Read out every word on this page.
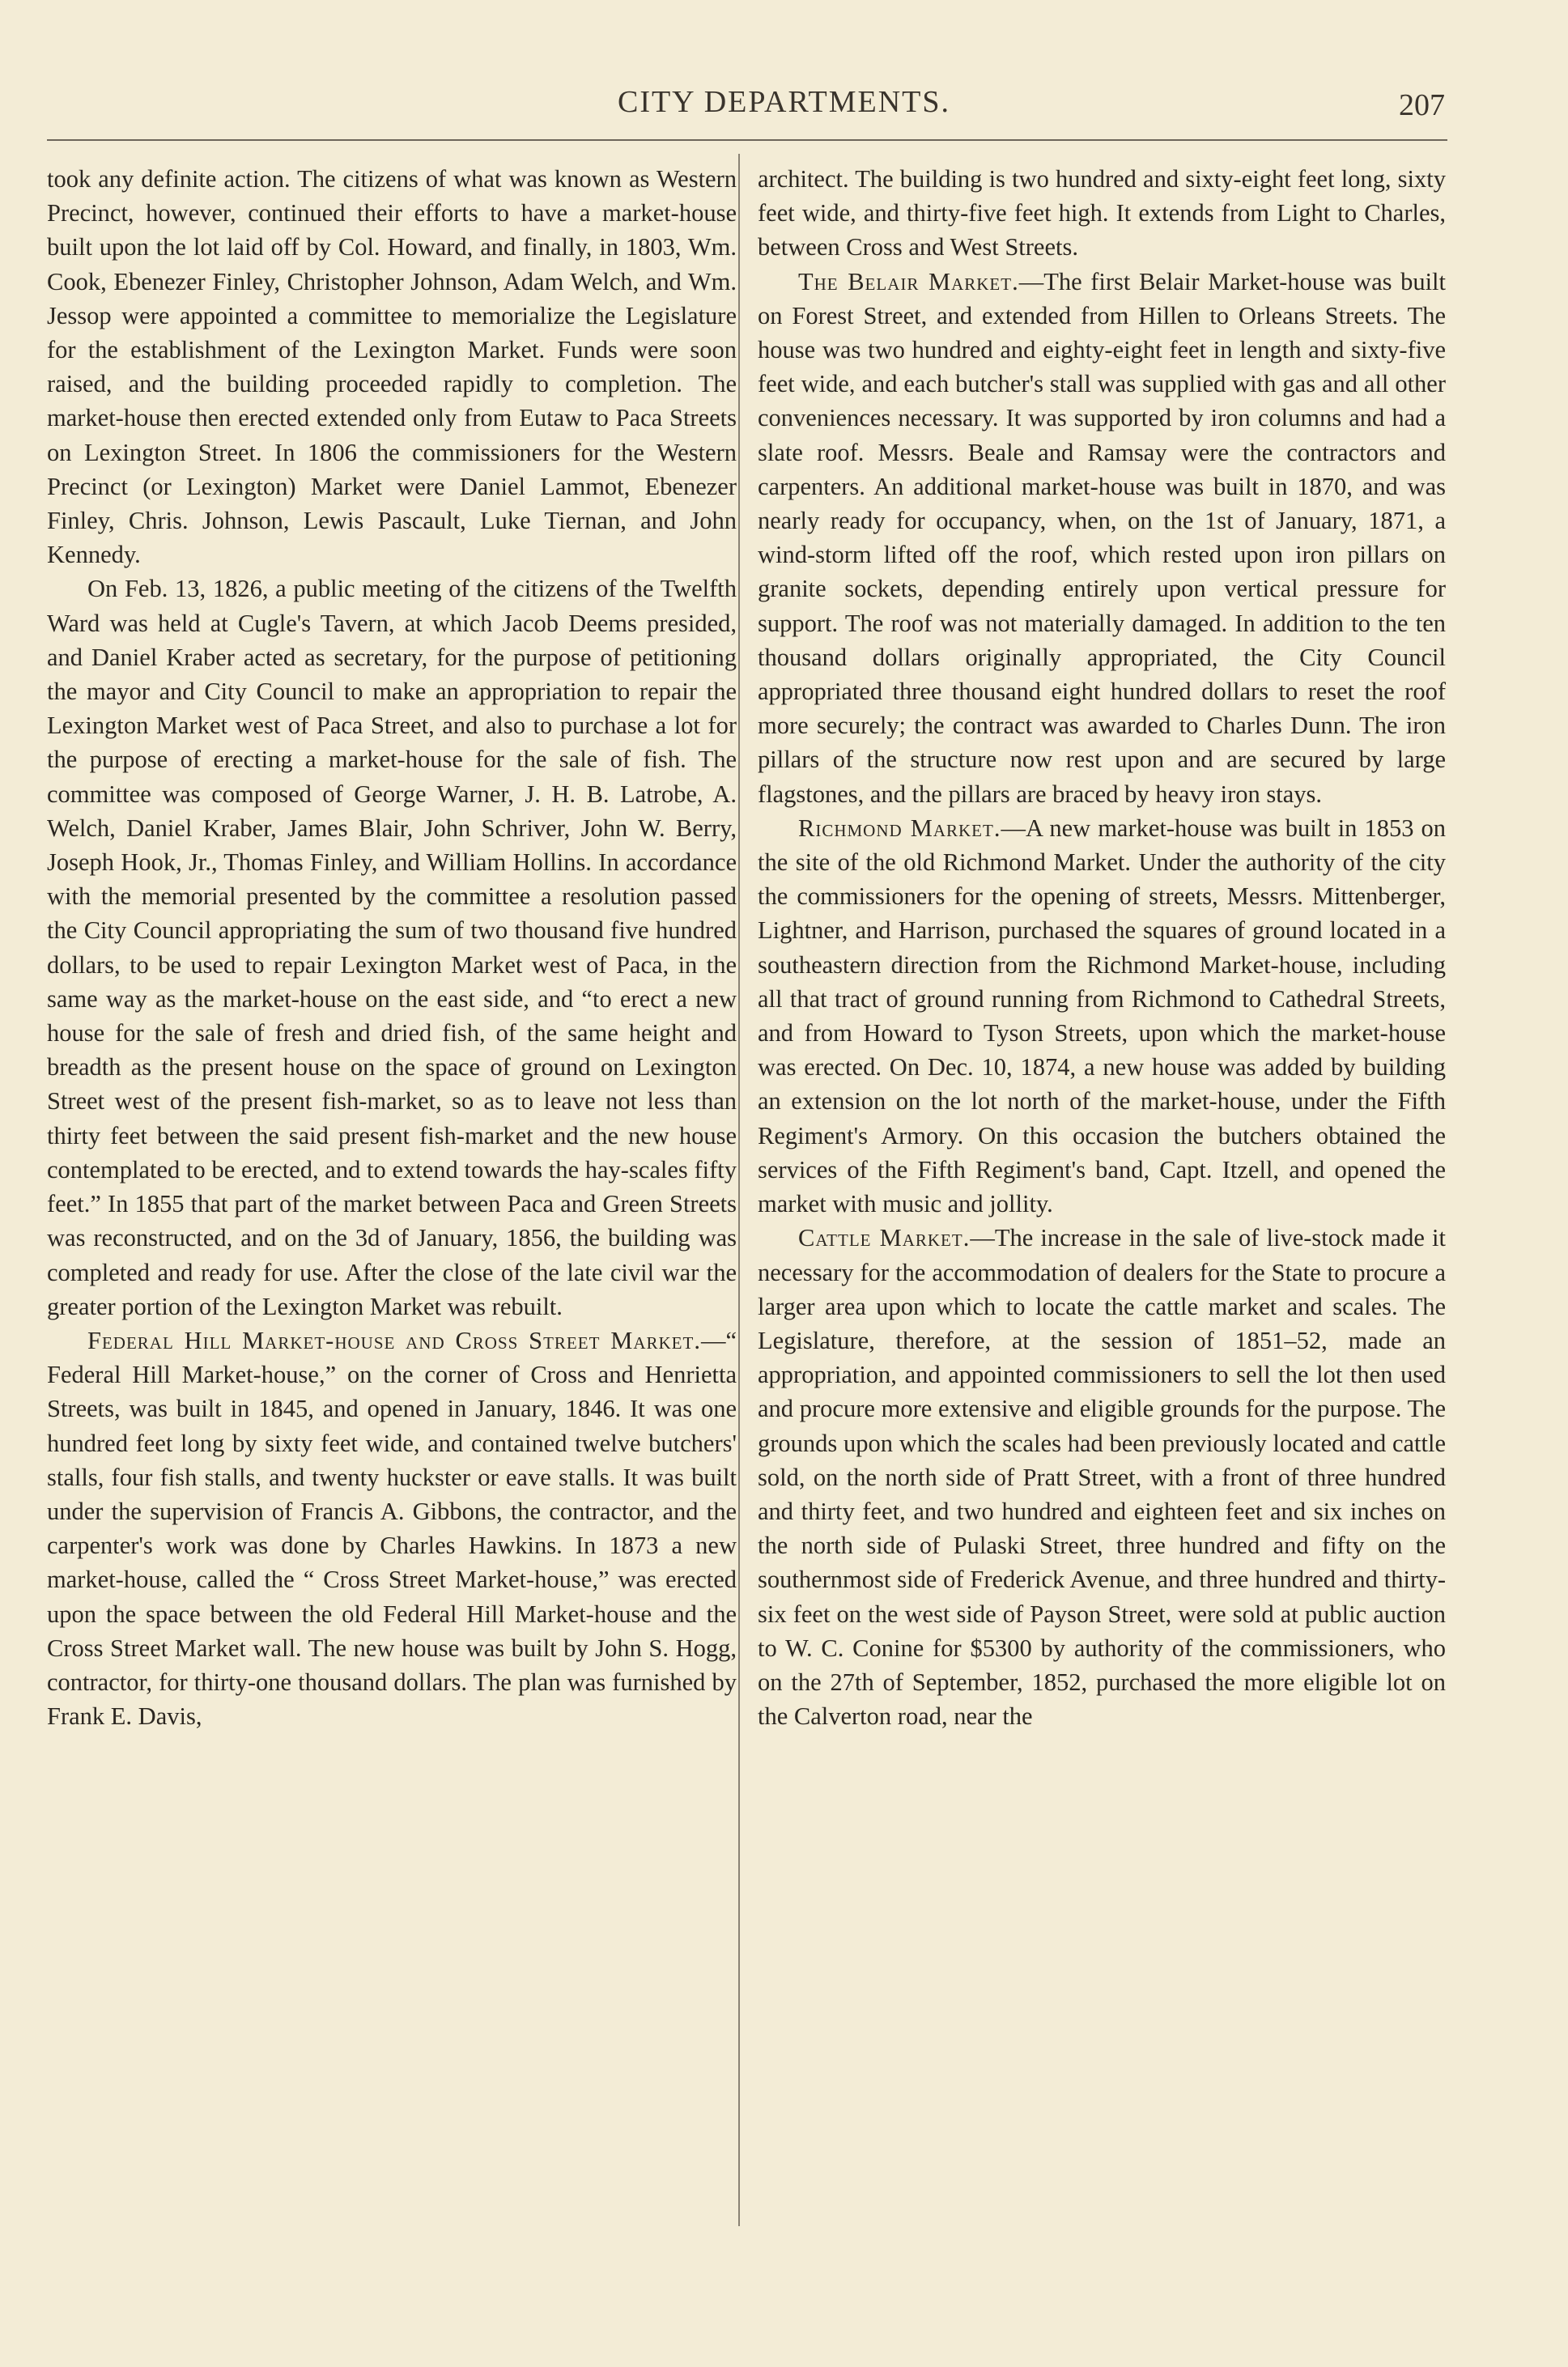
CITY DEPARTMENTS.	207

took any definite action. The citizens of what was known as Western Precinct, however, continued their efforts to have a market-house built upon the lot laid off by Col. Howard, and finally, in 1803, Wm. Cook, Ebenezer Finley, Christopher Johnson, Adam Welch, and Wm. Jessop were appointed a committee to memorialize the Legislature for the establishment of the Lexington Market. Funds were soon raised, and the building proceeded rapidly to completion. The market-house then erected extended only from Eutaw to Paca Streets on Lexington Street. In 1806 the commissioners for the Western Precinct (or Lexington) Market were Daniel Lammot, Ebenezer Finley, Chris. Johnson, Lewis Pascault, Luke Tiernan, and John Kennedy.

On Feb. 13, 1826, a public meeting of the citizens of the Twelfth Ward was held at Cugle's Tavern, at which Jacob Deems presided, and Daniel Kraber acted as secretary, for the purpose of petitioning the mayor and City Council to make an appropriation to repair the Lexington Market west of Paca Street, and also to purchase a lot for the purpose of erecting a market-house for the sale of fish. The committee was composed of George Warner, J. H. B. Latrobe, A. Welch, Daniel Kraber, James Blair, John Schriver, John W. Berry, Joseph Hook, Jr., Thomas Finley, and William Hollins. In accordance with the memorial presented by the committee a resolution passed the City Council appropriating the sum of two thousand five hundred dollars, to be used to repair Lexington Market west of Paca, in the same way as the market-house on the east side, and “to erect a new house for the sale of fresh and dried fish, of the same height and breadth as the present house on the space of ground on Lexington Street west of the present fish-market, so as to leave not less than thirty feet between the said present fish-market and the new house contemplated to be erected, and to extend towards the hay-scales fifty feet.” In 1855 that part of the market between Paca and Green Streets was reconstructed, and on the 3d of January, 1856, the building was completed and ready for use. After the close of the late civil war the greater portion of the Lexington Market was rebuilt.

Federal Hill Market-house and Cross Street Market.—“ Federal Hill Market-house,” on the corner of Cross and Henrietta Streets, was built in 1845, and opened in January, 1846. It was one hundred feet long by sixty feet wide, and contained twelve butchers' stalls, four fish stalls, and twenty huckster or eave stalls. It was built under the supervision of Francis A. Gibbons, the contractor, and the carpenter's work was done by Charles Hawkins. In 1873 a new market-house, called the “ Cross Street Market-house,” was erected upon the space between the old Federal Hill Market-house and the Cross Street Market wall. The new house was built by John S. Hogg, contractor, for thirty-one thousand dollars. The plan was furnished by Frank E. Davis,

architect. The building is two hundred and sixty-eight feet long, sixty feet wide, and thirty-five feet high. It extends from Light to Charles, between Cross and West Streets.

The Belair Market.—The first Belair Market-house was built on Forest Street, and extended from Hillen to Orleans Streets. The house was two hundred and eighty-eight feet in length and sixty-five feet wide, and each butcher's stall was supplied with gas and all other conveniences necessary. It was supported by iron columns and had a slate roof. Messrs. Beale and Ramsay were the contractors and carpenters. An additional market-house was built in 1870, and was nearly ready for occupancy, when, on the 1st of January, 1871, a wind-storm lifted off the roof, which rested upon iron pillars on granite sockets, depending entirely upon vertical pressure for support. The roof was not materially damaged. In addition to the ten thousand dollars originally appropriated, the City Council appropriated three thousand eight hundred dollars to reset the roof more securely; the contract was awarded to Charles Dunn. The iron pillars of the structure now rest upon and are secured by large flagstones, and the pillars are braced by heavy iron stays.

Richmond Market.—A new market-house was built in 1853 on the site of the old Richmond Market. Under the authority of the city the commissioners for the opening of streets, Messrs. Mittenberger, Lightner, and Harrison, purchased the squares of ground located in a southeastern direction from the Richmond Market-house, including all that tract of ground running from Richmond to Cathedral Streets, and from Howard to Tyson Streets, upon which the market-house was erected. On Dec. 10, 1874, a new house was added by building an extension on the lot north of the market-house, under the Fifth Regiment's Armory. On this occasion the butchers obtained the services of the Fifth Regiment's band, Capt. Itzell, and opened the market with music and jollity.

Cattle Market.—The increase in the sale of live-stock made it necessary for the accommodation of dealers for the State to procure a larger area upon which to locate the cattle market and scales. The Legislature, therefore, at the session of 1851–52, made an appropriation, and appointed commissioners to sell the lot then used and procure more extensive and eligible grounds for the purpose. The grounds upon which the scales had been previously located and cattle sold, on the north side of Pratt Street, with a front of three hundred and thirty feet, and two hundred and eighteen feet and six inches on the north side of Pulaski Street, three hundred and fifty on the southernmost side of Frederick Avenue, and three hundred and thirty-six feet on the west side of Payson Street, were sold at public auction to W. C. Conine for $5300 by authority of the commissioners, who on the 27th of September, 1852, purchased the more eligible lot on the Calverton road, near the
